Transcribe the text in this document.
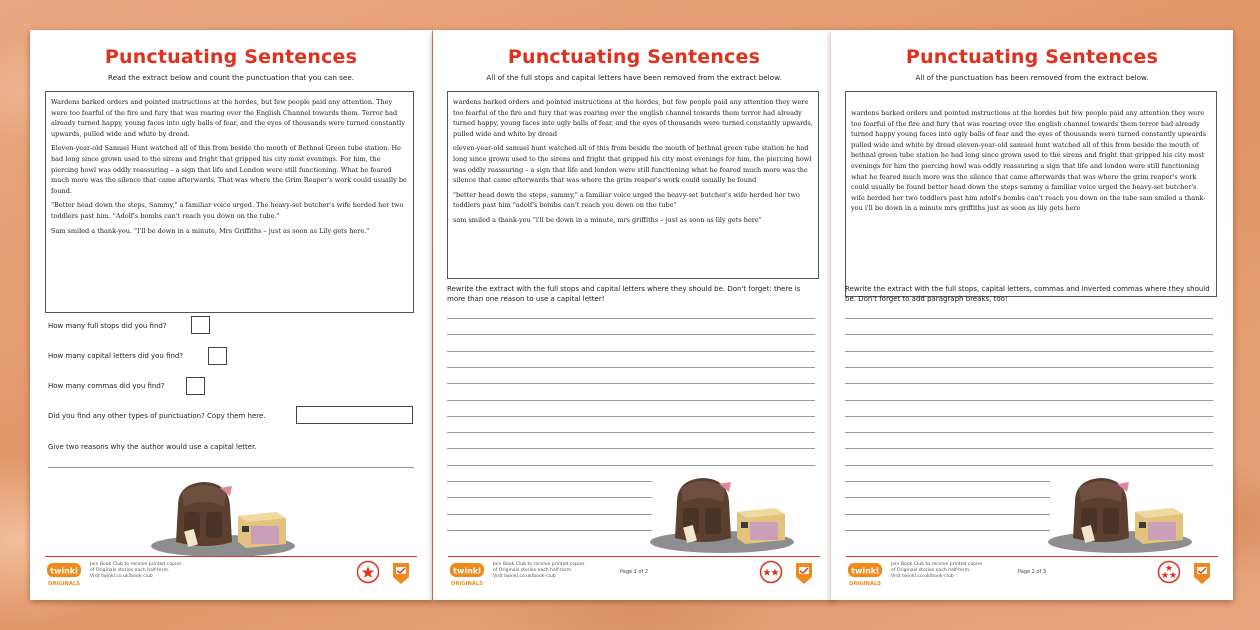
Punctuating Sentences
Read the extract below and count the punctuation that you can see.

Wardens barked orders and pointed instructions at the hordes, but few people paid any attention. They were too fearful of the fire and fury that was roaring over the English Channel towards them. Terror had already turned happy, young faces into ugly balls of fear, and the eyes of thousands were turned constantly upwards, pulled wide and white by dread.

Eleven-year-old Samuel Hunt watched all of this from beside the mouth of Bethnal Green tube station. He had long since grown used to the sirens and fright that gripped his city most evenings. For him, the piercing howl was oddly reassuring – a sign that life and London were still functioning. What he feared much more was the silence that came afterwards. That was where the Grim Reaper's work could usually be found.

"Better head down the steps, Sammy," a familiar voice urged. The heavy-set butcher's wife herded her two toddlers past him. "Adolf's bombs can't reach you down on the tube."

Sam smiled a thank-you. "I'll be down in a minute, Mrs Griffiths – just as soon as Lily gets here."

How many full stops did you find?
How many capital letters did you find?
How many commas did you find?
Did you find any other types of punctuation? Copy them here.
Give two reasons why the author would use a capital letter.
twinkl
ORIGINALS
Join Book Club to receive printed copies
of Originals stories each half-term.
Visit twinkl.co.uk/book-club
Punctuating Sentences
All of the full stops and capital letters have been removed from the extract below.

wardens barked orders and pointed instructions at the hordes, but few people paid any attention they were too fearful of the fire and fury that was roaring over the english channel towards them terror had already turned happy, young faces into ugly balls of fear, and the eyes of thousands were turned constantly upwards, pulled wide and white by dread

eleven-year-old samuel hunt watched all of this from beside the mouth of bethnal green tube station he had long since grown used to the sirens and fright that gripped his city most evenings for him, the piercing howl was oddly reassuring – a sign that life and london were still functioning what he feared much more was the silence that came afterwards that was where the grim reaper's work could usually be found

"better head down the steps, sammy," a familiar voice urged the heavy-set butcher's wife herded her two toddlers past him "adolf's bombs can't reach you down on the tube"

sam smiled a thank-you "i'll be down in a minute, mrs griffiths – just as soon as lily gets here"

Rewrite the extract with the full stops and capital letters where they should be. Don't forget: there is more than one reason to use a capital letter!
twinkl
ORIGINALS
Join Book Club to receive printed copies
of Originals stories each half-term.
Visit twinkl.co.uk/book-club
Page 1 of 2
Punctuating Sentences
All of the punctuation has been removed from the extract below.

wardens barked orders and pointed instructions at the hordes but few people paid any attention they were too fearful of the fire and fury that was roaring over the english channel towards them terror had already turned happy young faces into ugly balls of fear and the eyes of thousands were turned constantly upwards pulled wide and white by dread eleven-year-old samuel hunt watched all of this from beside the mouth of bethnal green tube station he had long since grown used to the sirens and fright that gripped his city most evenings for him the piercing howl was oddly reassuring a sign that life and london were still functioning what he feared much more was the silence that came afterwards that was where the grim reaper's work could usually be found better head down the steps sammy a familiar voice urged the heavy-set butcher's wife herded her two toddlers past him adolf's bombs can't reach you down on the tube sam smiled a thank-you i'll be down in a minute mrs griffiths just as soon as lily gets here

Rewrite the extract with the full stops, capital letters, commas and inverted commas where they should be. Don't forget to add paragraph breaks, too!
twinkl
ORIGINALS
Join Book Club to receive printed copies
of Originals stories each half-term.
Visit twinkl.co.uk/book-club
Page 2 of 3
